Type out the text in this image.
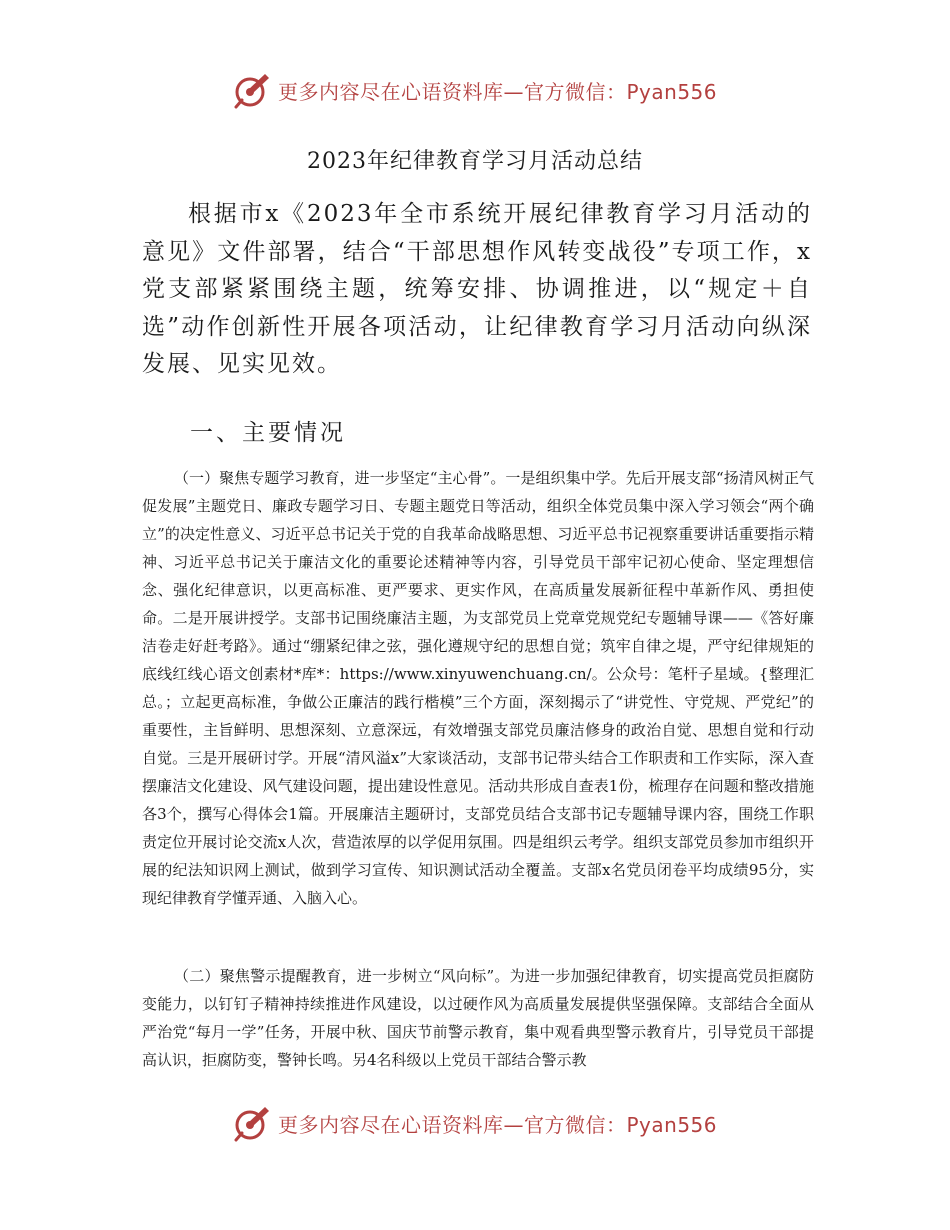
更多内容尽在心语资料库—官方微信：Pyan556
2023年纪律教育学习月活动总结

根据市x《2023年全市系统开展纪律教育学习月活动的意见》文件部署，结合“干部思想作风转变战役”专项工作，x党支部紧紧围绕主题，统筹安排、协调推进，以“规定＋自选”动作创新性开展各项活动，让纪律教育学习月活动向纵深发展、见实见效。

一、主要情况

（一）聚焦专题学习教育，进一步坚定“主心骨”。一是组织集中学。先后开展支部“扬清风树正气促发展”主题党日、廉政专题学习日、专题主题党日等活动，组织全体党员集中深入学习领会“两个确立”的决定性意义、习近平总书记关于党的自我革命战略思想、习近平总书记视察重要讲话重要指示精神、习近平总书记关于廉洁文化的重要论述精神等内容，引导党员干部牢记初心使命、坚定理想信念、强化纪律意识，以更高标准、更严要求、更实作风，在高质量发展新征程中革新作风、勇担使命。二是开展讲授学。支部书记围绕廉洁主题，为支部党员上党章党规党纪专题辅导课——《答好廉洁卷走好赶考路》。通过“绷紧纪律之弦，强化遵规守纪的思想自觉；筑牢自律之堤，严守纪律规矩的底线红线心语文创素材*库*：https://www.xinyuwenchuang.cn/。公众号：笔杆子星域。{整理汇总。；立起更高标准，争做公正廉洁的践行楷模”三个方面，深刻揭示了“讲党性、守党规、严党纪”的重要性，主旨鲜明、思想深刻、立意深远，有效增强支部党员廉洁修身的政治自觉、思想自觉和行动自觉。三是开展研讨学。开展“清风溢x”大家谈活动，支部书记带头结合工作职责和工作实际，深入查摆廉洁文化建设、风气建设问题，提出建设性意见。活动共形成自查表1份，梳理存在问题和整改措施各3个，撰写心得体会1篇。开展廉洁主题研讨，支部党员结合支部书记专题辅导课内容，围绕工作职责定位开展讨论交流x人次，营造浓厚的以学促用氛围。四是组织云考学。组织支部党员参加市组织开展的纪法知识网上测试，做到学习宣传、知识测试活动全覆盖。支部x名党员闭卷平均成绩95分，实现纪律教育学懂弄通、入脑入心。

（二）聚焦警示提醒教育，进一步树立“风向标”。为进一步加强纪律教育，切实提高党员拒腐防变能力，以钉钉子精神持续推进作风建设，以过硬作风为高质量发展提供坚强保障。支部结合全面从严治党“每月一学”任务，开展中秋、国庆节前警示教育，集中观看典型警示教育片，引导党员干部提高认识，拒腐防变，警钟长鸣。另4名科级以上党员干部结合警示教

更多内容尽在心语资料库—官方微信：Pyan556
